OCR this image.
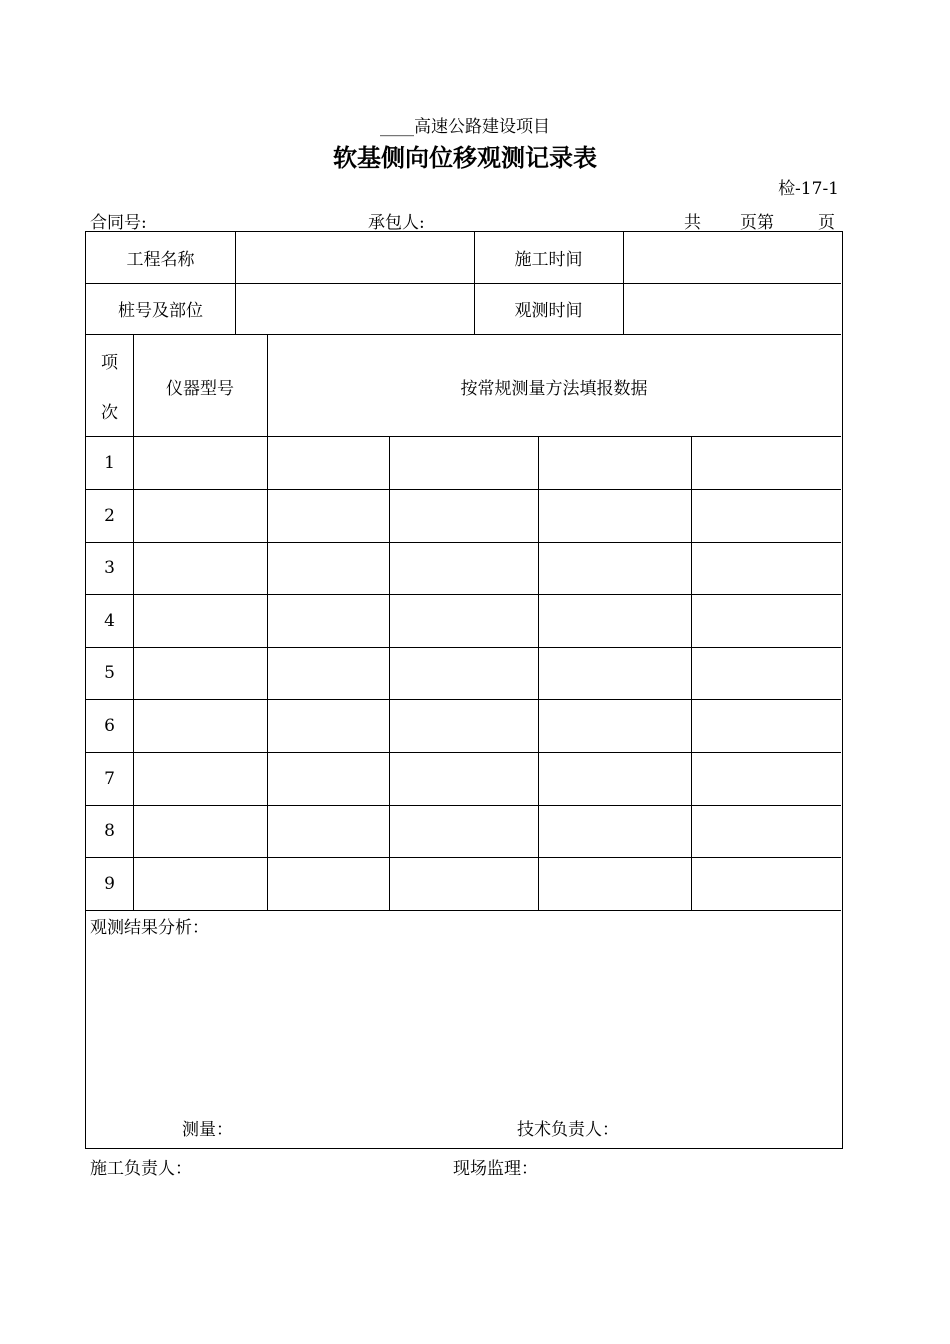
____高速公路建设项目
软基侧向位移观测记录表
检-17-1
合同号:	承包人:	共 页第	页
工程名称	施工时间
桩号及部位	观测时间
项
次
仪器型号	按常规测量方法填报数据
1
2
3
4
5
6
7
8
9
观测结果分析：
测量：	技术负责人：
施工负责人：	现场监理：
